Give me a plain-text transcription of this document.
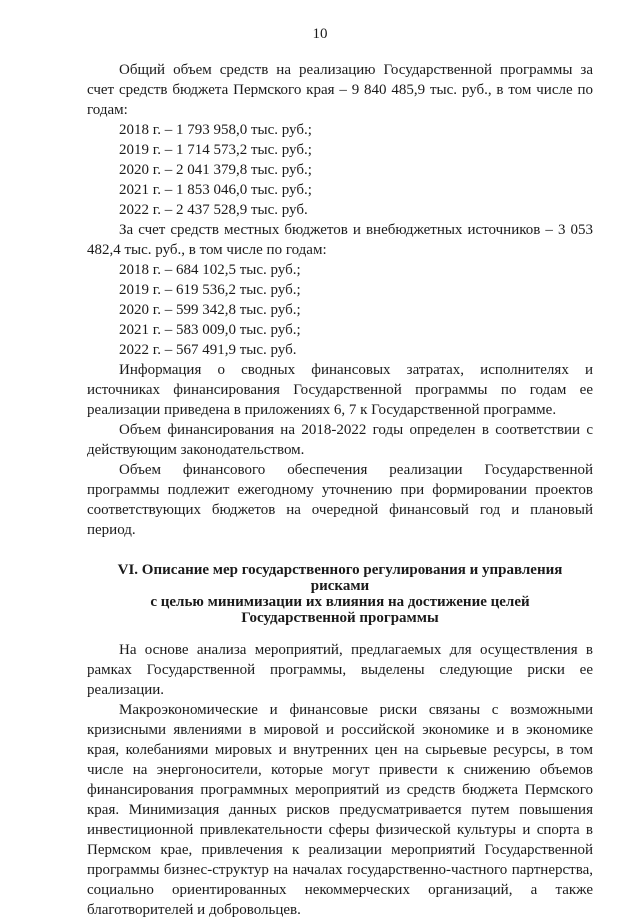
10

Общий объем средств на реализацию Государственной программы за счет средств бюджета Пермского края – 9 840 485,9 тыс. руб., в том числе по годам:

2018 г. – 1 793 958,0 тыс. руб.;

2019 г. – 1 714 573,2 тыс. руб.;

2020 г. – 2 041 379,8 тыс. руб.;

2021 г. – 1 853 046,0 тыс. руб.;

2022 г. – 2 437 528,9 тыс. руб.

За счет средств местных бюджетов и внебюджетных источников – 3 053 482,4 тыс. руб., в том числе по годам:

2018 г. – 684 102,5 тыс. руб.;

2019 г. – 619 536,2 тыс. руб.;

2020 г. – 599 342,8 тыс. руб.;

2021 г. – 583 009,0 тыс. руб.;

2022 г. – 567 491,9 тыс. руб.

Информация о сводных финансовых затратах, исполнителях и источниках финансирования Государственной программы по годам ее реализации приведена в приложениях 6, 7 к Государственной программе.

Объем финансирования на 2018-2022 годы определен в соответствии с действующим законодательством.

Объем финансового обеспечения реализации Государственной программы подлежит ежегодному уточнению при формировании проектов соответствующих бюджетов на очередной финансовый год и плановый период.

VI. Описание мер государственного регулирования и управления рисками
с целью минимизации их влияния на достижение целей
Государственной программы

На основе анализа мероприятий, предлагаемых для осуществления в рамках Государственной программы, выделены следующие риски ее реализации.

Макроэкономические и финансовые риски связаны с возможными кризисными явлениями в мировой и российской экономике и в экономике края, колебаниями мировых и внутренних цен на сырьевые ресурсы, в том числе на энергоносители, которые могут привести к снижению объемов финансирования программных мероприятий из средств бюджета Пермского края. Минимизация данных рисков предусматривается путем повышения инвестиционной привлекательности сферы физической культуры и спорта в Пермском крае, привлечения к реализации мероприятий Государственной программы бизнес-структур на началах государственно-частного партнерства, социально ориентированных некоммерческих организаций, а также благотворителей и добровольцев.
